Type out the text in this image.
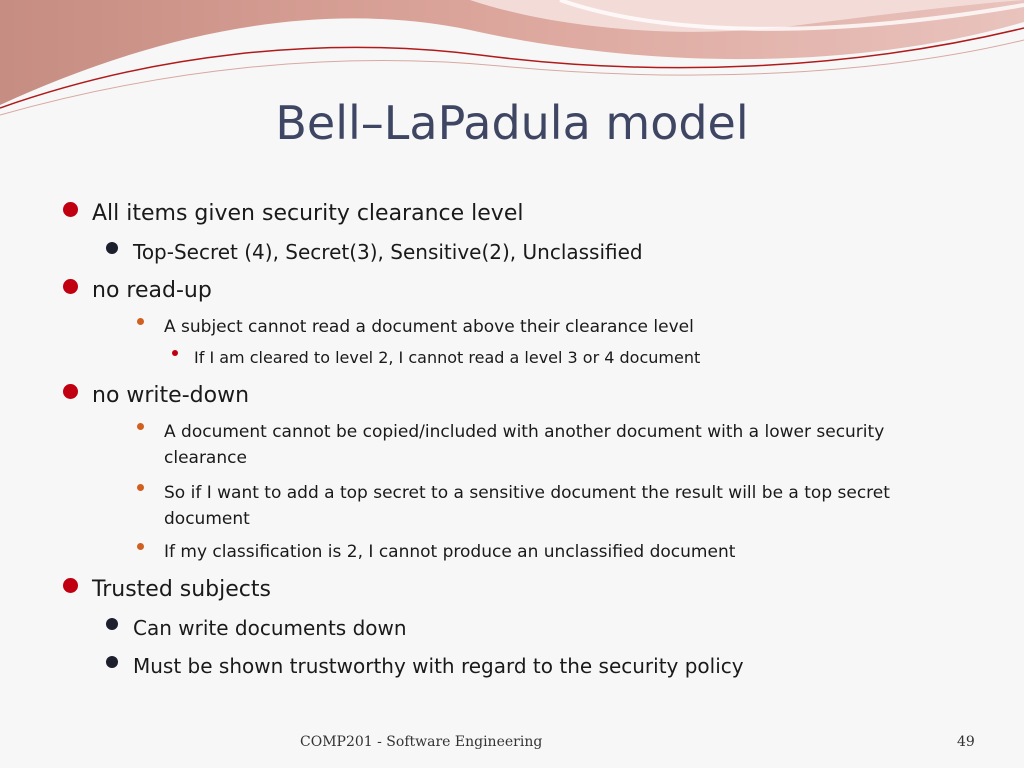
Bell–LaPadula model
All items given security clearance level
Top-Secret (4), Secret(3), Sensitive(2), Unclassified
no read-up
A subject cannot read a document above their clearance level
If I am cleared to level 2, I cannot read a level 3 or 4 document
no write-down
A document cannot be copied/included with another document with a lower security clearance
So if I want to add a top secret to a sensitive document the result will be a top secret document
If my classification is 2, I cannot produce an unclassified document
Trusted subjects
Can write documents down
Must be shown trustworthy with regard to the security policy
COMP201 - Software Engineering	49
